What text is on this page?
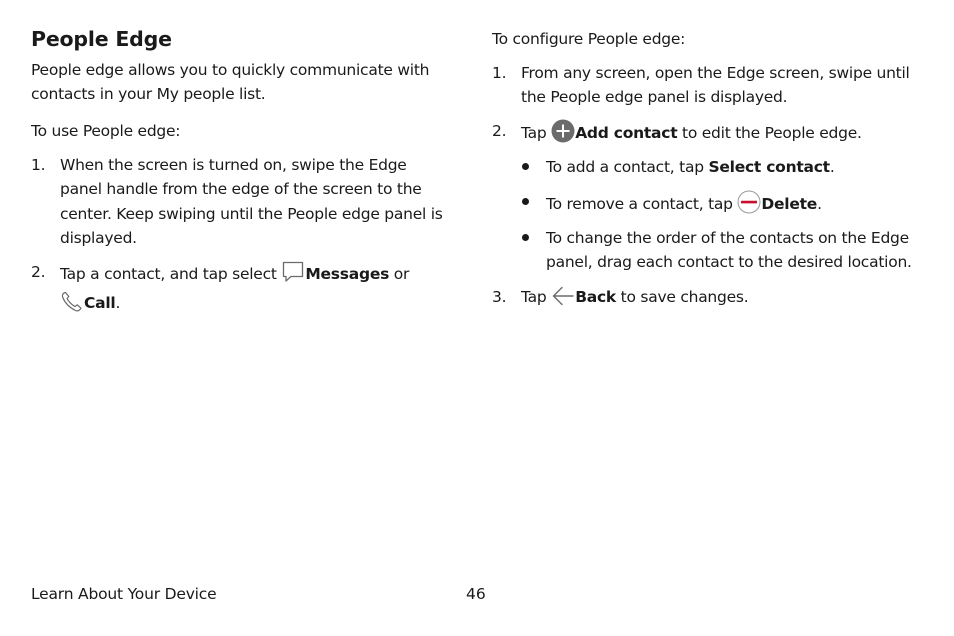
People Edge

People edge allows you to quickly communicate with
contacts in your My people list.

To use People edge:

1. When the screen is turned on, swipe the Edge
panel handle from the edge of the screen to the
center. Keep swiping until the People edge panel is
displayed.
2. Tap a contact, and tap select Messages or
Call.

To configure People edge:

1. From any screen, open the Edge screen, swipe until
the People edge panel is displayed.
2. Tap Add contact to edit the People edge.
To add a contact, tap Select contact.
To remove a contact, tap Delete.
To change the order of the contacts on the Edge
panel, drag each contact to the desired location.
3. Tap Back to save changes.
Learn About Your Device	46
